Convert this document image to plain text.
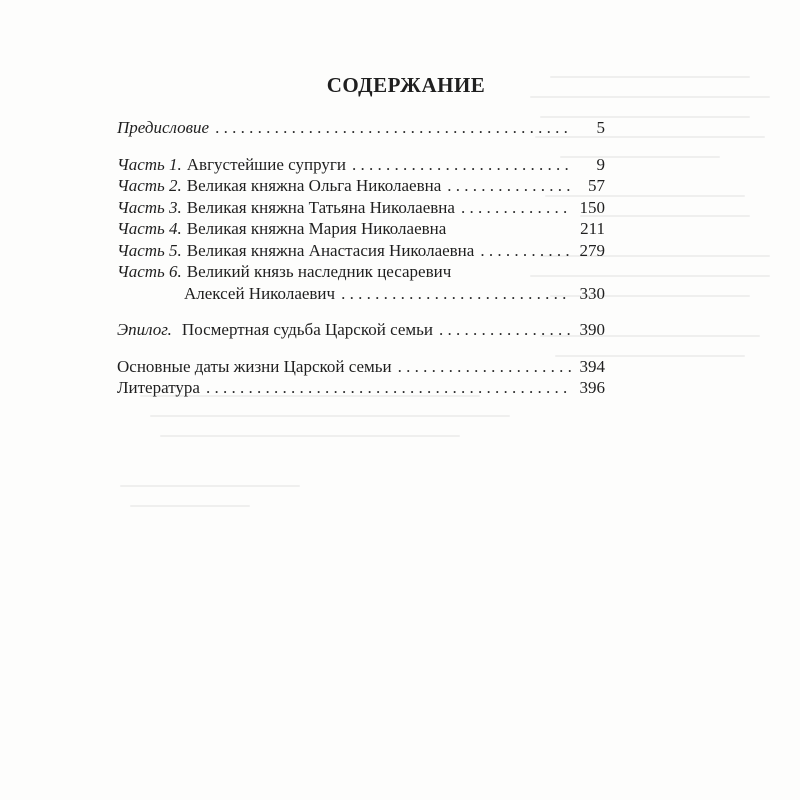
СОДЕРЖАНИЕ
Предисловие . . .	5
Часть 1. Августейшие супруги . . .	9
Часть 2. Великая княжна Ольга Николаевна . . .	57
Часть 3. Великая княжна Татьяна Николаевна . . .	150
Часть 4. Великая княжна Мария Николаевна	211
Часть 5. Великая княжна Анастасия Николаевна . . .	279
Часть 6. Великий князь наследник цесаревич
Алексей Николаевич . . .	330
Эпилог. Посмертная судьба Царской семьи . . .	390
Основные даты жизни Царской семьи . . .	394
Литература . . .	396
